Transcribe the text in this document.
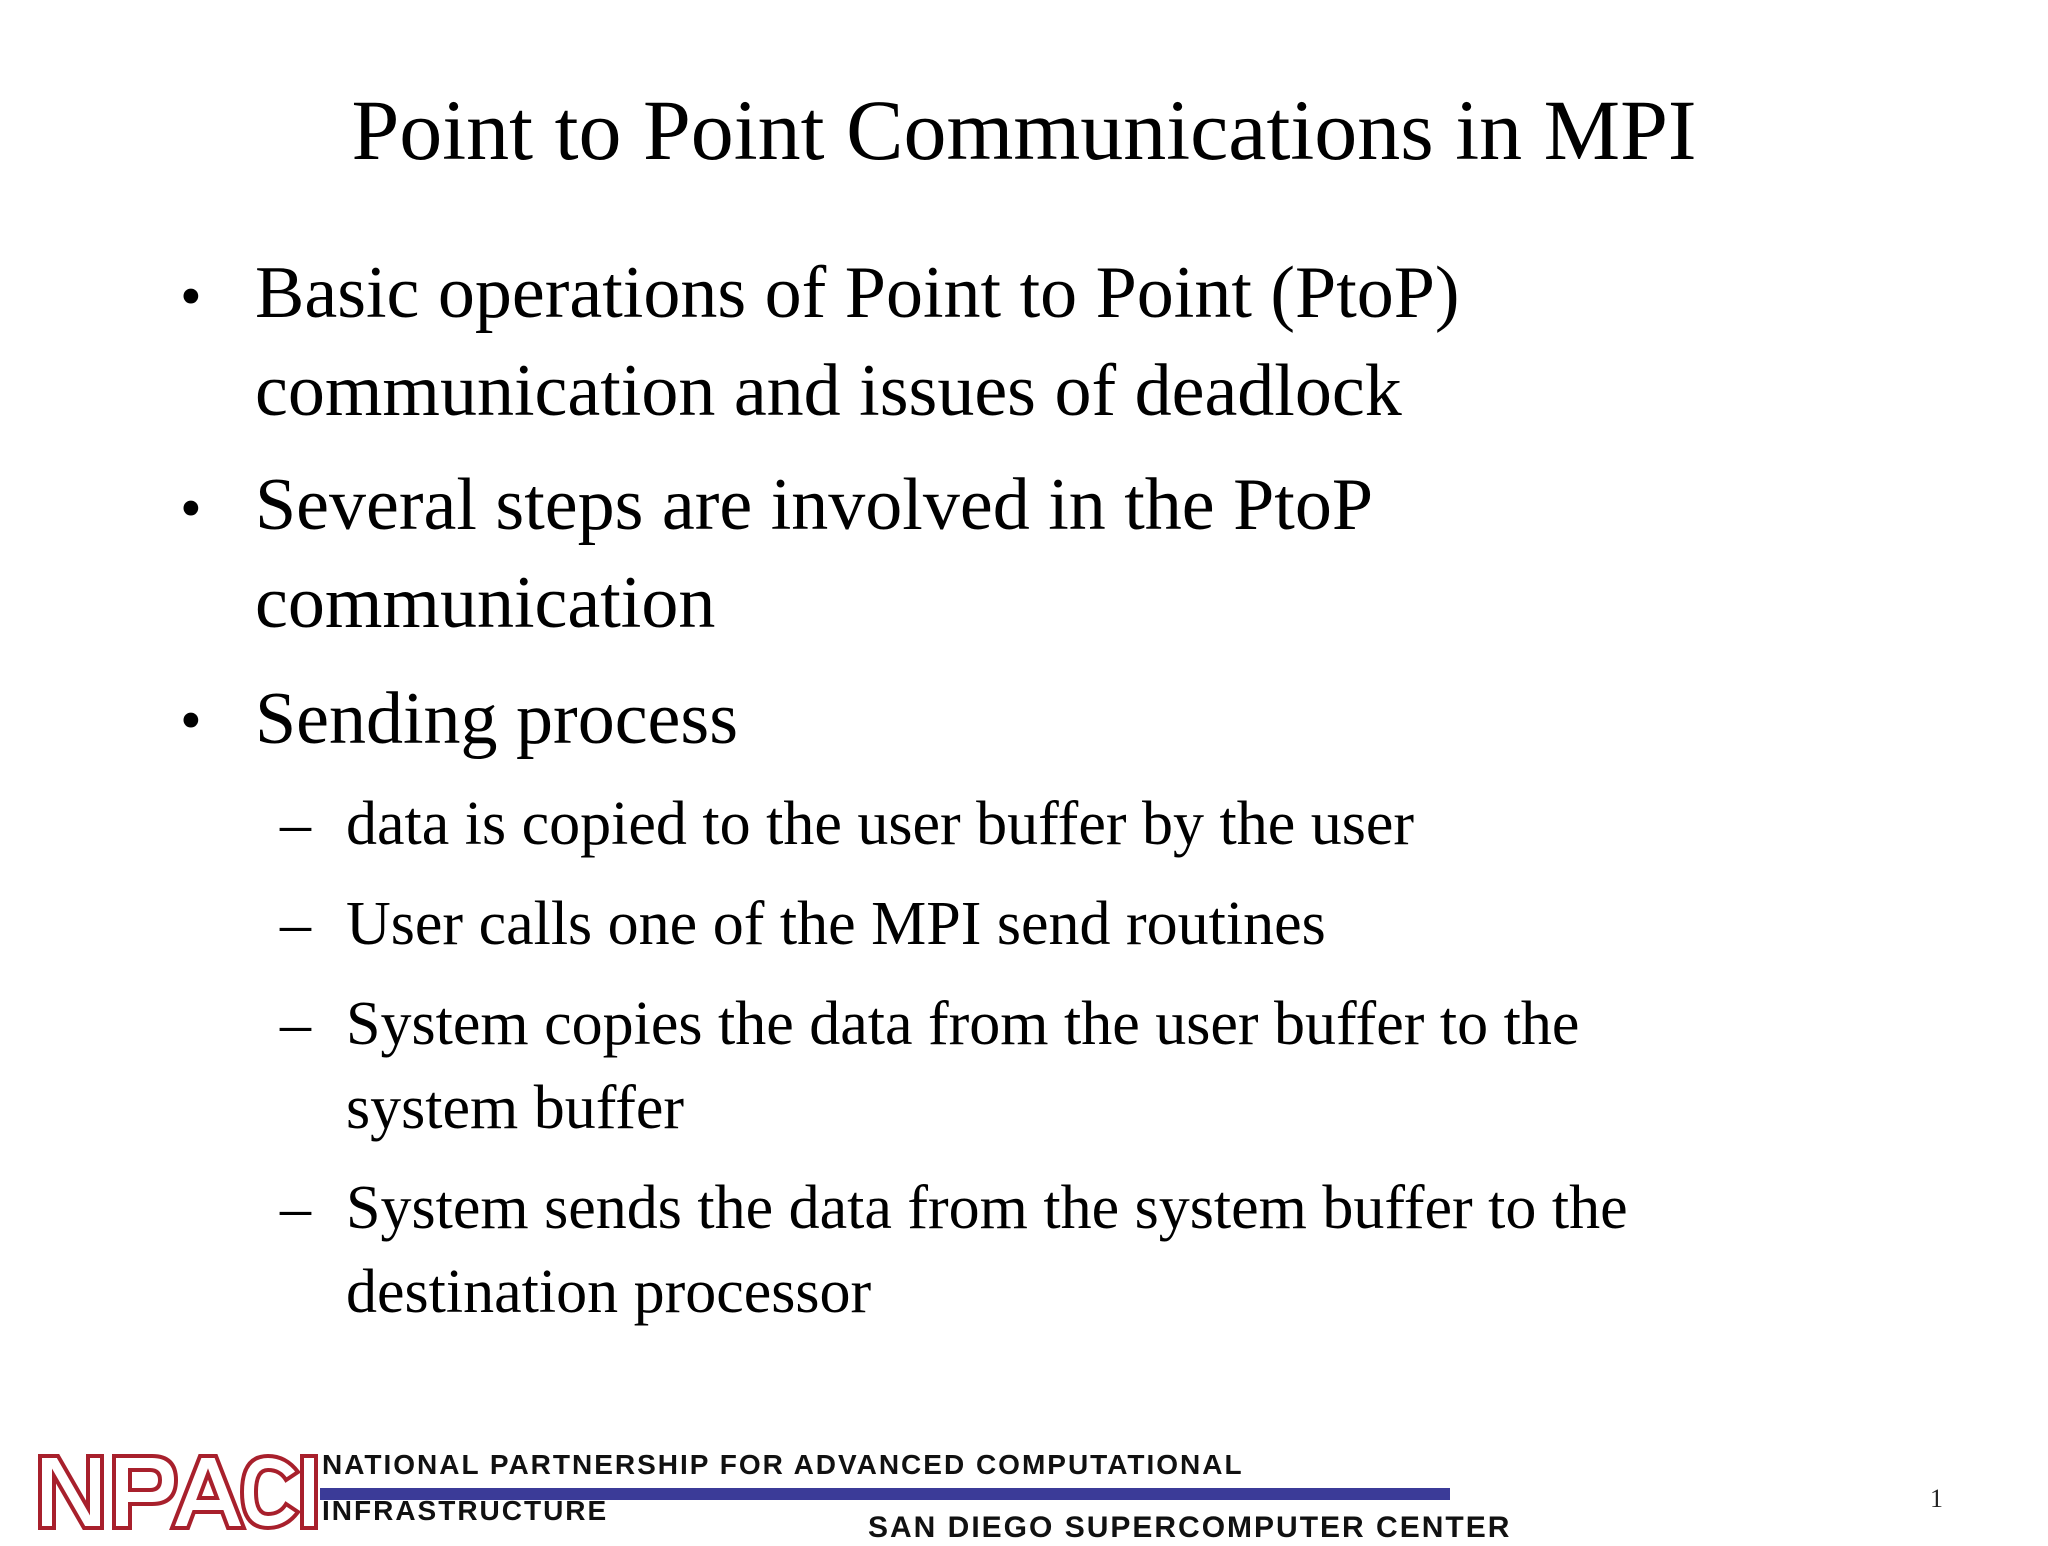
Point to Point Communications in MPI
• Basic operations of Point to Point (PtoP)
communication and issues of deadlock
• Several steps are involved in the PtoP
communication
• Sending process
– data is copied to the user buffer by the user
– User calls one of the MPI send routines
– System copies the data from the user buffer to the
system buffer
– System sends the data from the system buffer to the
destination processor
NATIONAL PARTNERSHIP FOR ADVANCED COMPUTATIONAL
INFRASTRUCTURE
SAN DIEGO SUPERCOMPUTER CENTER
1
